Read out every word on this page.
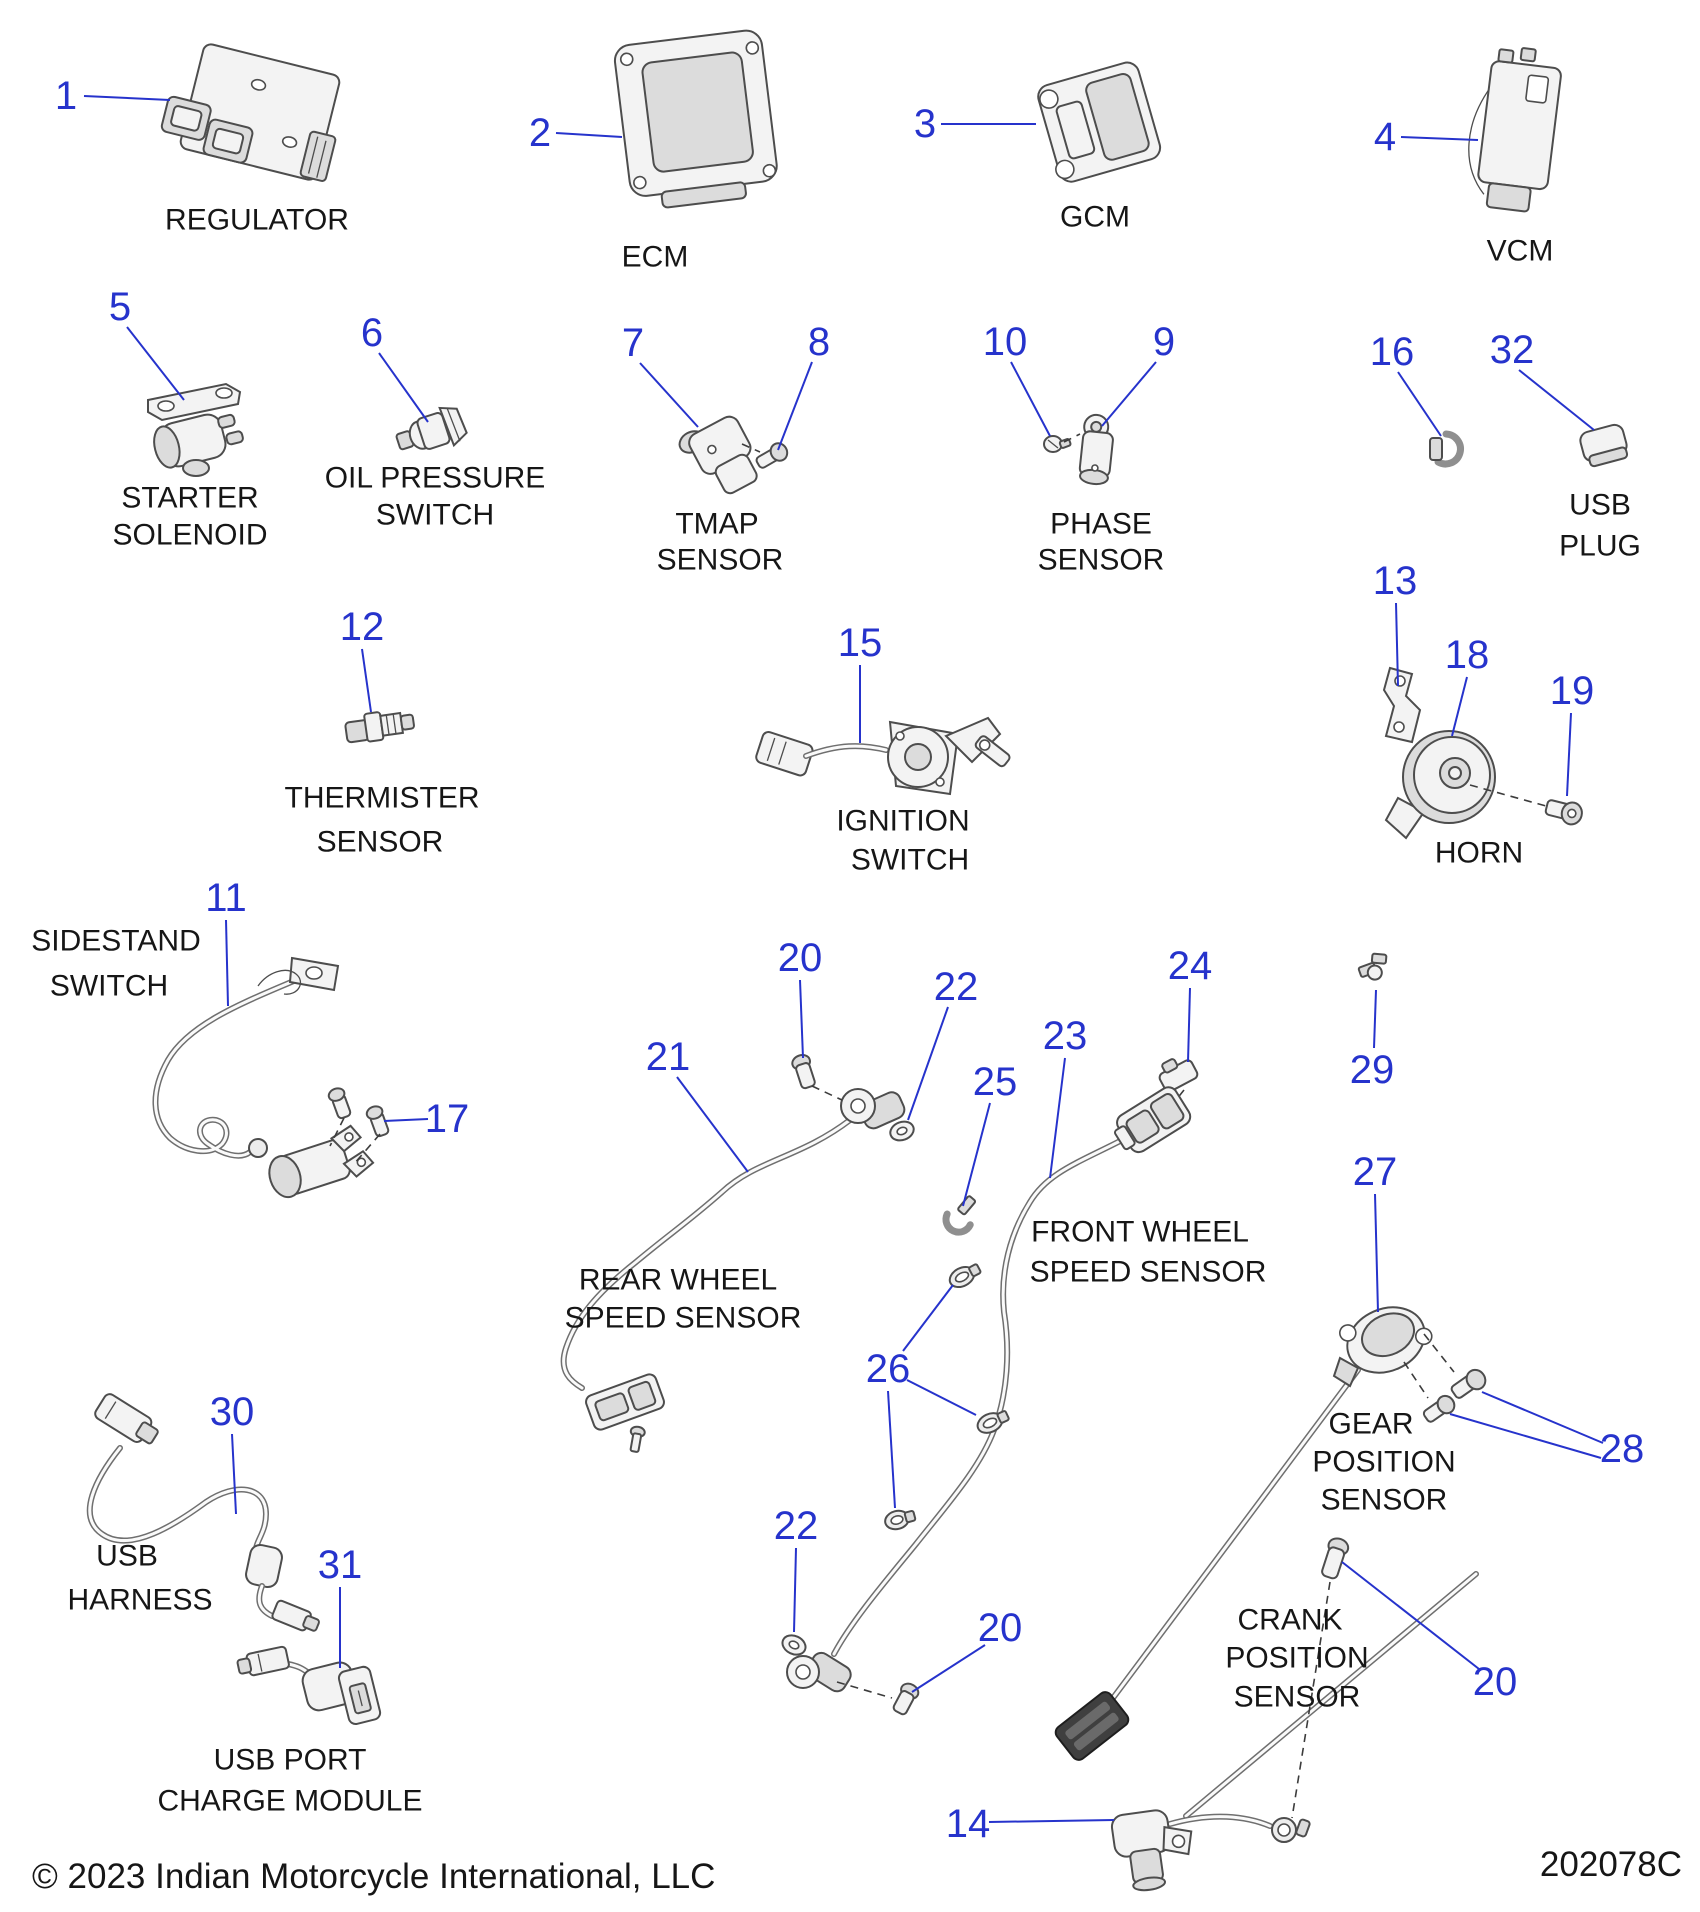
1
REGULATOR
2
ECM
3
GCM
4
VCM
5
STARTER
SOLENOID
6
OIL PRESSURE
SWITCH
7	8
TMAP
SENSOR
10	9
PHASE
SENSOR
16 32
USB
PLUG
12
THERMISTER
SENSOR
15
IGNITION
SWITCH
13
18
19
HORN
11
17
SIDESTAND
SWITCH
20
21
22
REAR WHEEL
SPEED SENSOR
23
24
25	29
26
22
20
FRONT WHEEL
SPEED SENSOR
27
28
GEAR
POSITION
SENSOR
14
20
CRANK
POSITION
SENSOR
30
USB
HARNESS
31
USB PORT
CHARGE MODULE
© 2023 Indian Motorcycle International, LLC	202078C
